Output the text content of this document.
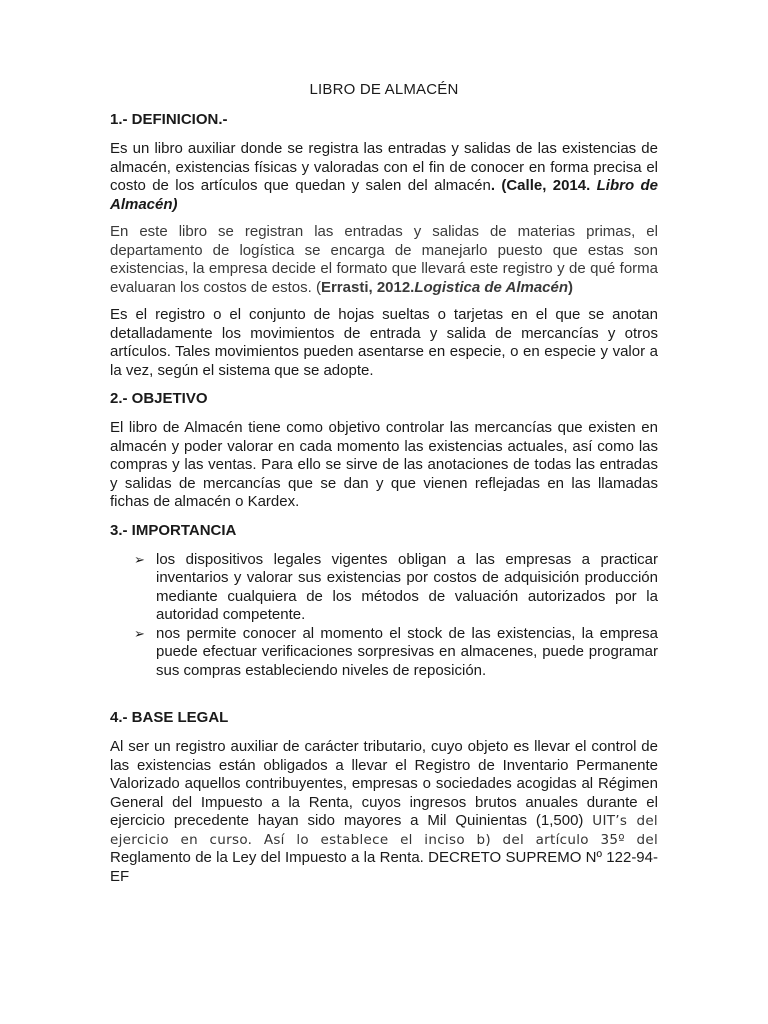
LIBRO DE ALMACÉN
1.- DEFINICION.-

Es un libro auxiliar donde se registra las entradas y salidas de las existencias de almacén, existencias físicas y valoradas con el fin de conocer en forma precisa el costo de los artículos que quedan y salen del almacén. (Calle, 2014. Libro de Almacén)

En este libro se registran las entradas y salidas de materias primas, el departamento de logística se encarga de manejarlo puesto que estas son existencias, la empresa decide el formato que llevará este registro y de qué forma evaluaran los costos de estos. (Errasti, 2012.Logistica de Almacén)

Es el registro o el conjunto de hojas sueltas o tarjetas en el que se anotan detalladamente los movimientos de entrada y salida de mercancías y otros artículos. Tales movimientos pueden asentarse en especie, o en especie y valor a la vez, según el sistema que se adopte.

2.- OBJETIVO

El libro de Almacén tiene como objetivo controlar las mercancías que existen en almacén y poder valorar en cada momento las existencias actuales, así como las compras y las ventas. Para ello se sirve de las anotaciones de todas las entradas y salidas de mercancías que se dan y que vienen reflejadas en las llamadas fichas de almacén o Kardex.

3.- IMPORTANCIA
➢ los dispositivos legales vigentes obligan a las empresas a practicar inventarios y valorar sus existencias por costos de adquisición producción mediante cualquiera de los métodos de valuación autorizados por la autoridad competente.
➢ nos permite conocer al momento el stock de las existencias, la empresa puede efectuar verificaciones sorpresivas en almacenes, puede programar sus compras estableciendo niveles de reposición.
4.- BASE LEGAL

Al ser un registro auxiliar de carácter tributario, cuyo objeto es llevar el control de las existencias están obligados a llevar el Registro de Inventario Permanente Valorizado aquellos contribuyentes, empresas o sociedades acogidas al Régimen General del Impuesto a la Renta, cuyos ingresos brutos anuales durante el ejercicio precedente hayan sido mayores a Mil Quinientas (1,500) UIT’s del ejercicio en curso. Así lo establece el inciso b) del artículo 35º del Reglamento de la Ley del Impuesto a la Renta. DECRETO SUPREMO Nº 122-94-EF
